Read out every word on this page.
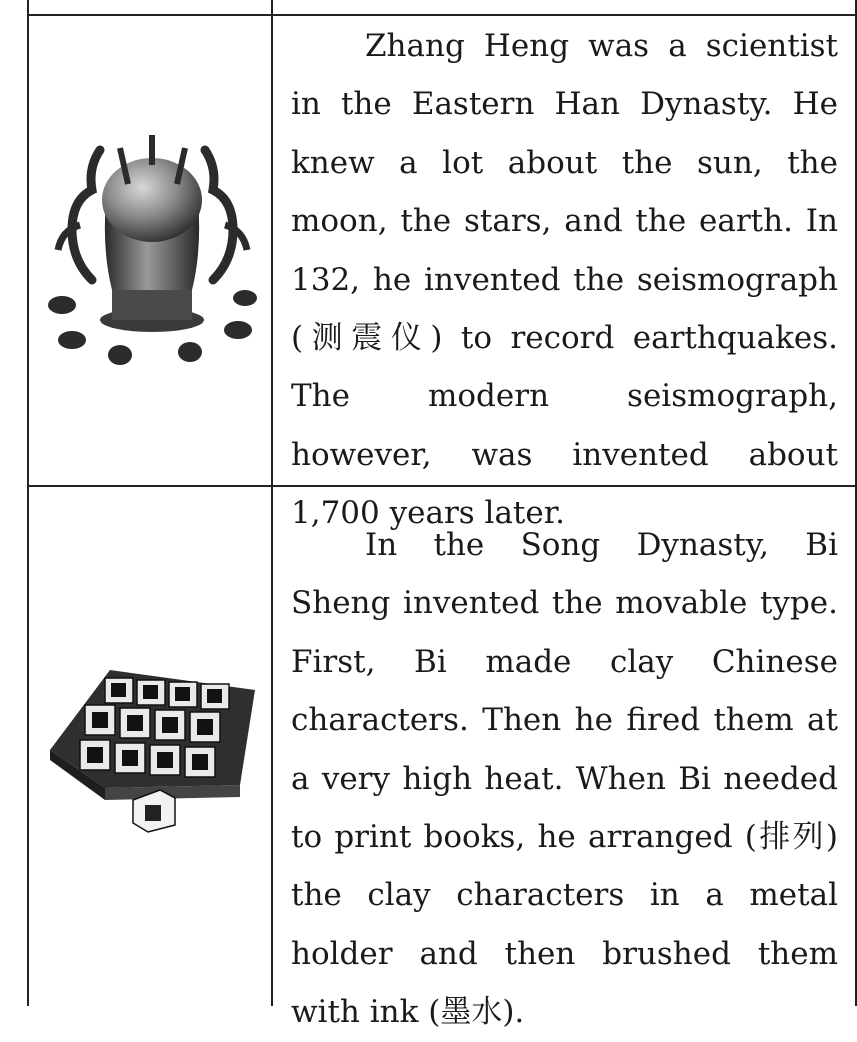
Zhang Heng was a scientist in the Eastern Han Dynasty. He knew a lot about the sun, the moon, the stars, and the earth. In 132, he invented the seismograph (测震仪) to record earthquakes. The modern seismograph, however, was invented about 1,700 years later.

In the Song Dynasty, Bi Sheng invented the movable type. First, Bi made clay Chinese characters. Then he fired them at a very high heat. When Bi needed to print books, he arranged (排列) the clay characters in a metal holder and then brushed them with ink (墨水).
